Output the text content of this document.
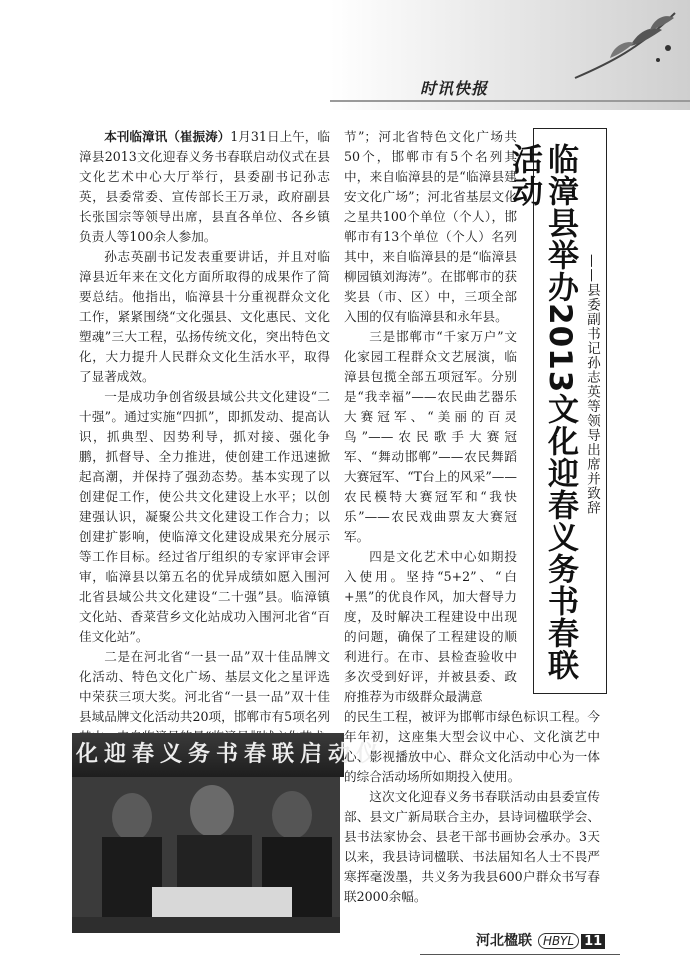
时讯快报

本刊临漳讯（崔振涛）1月31日上午，临漳县2013文化迎春义务书春联启动仪式在县文化艺术中心大厅举行，县委副书记孙志英，县委常委、宣传部长王万录，政府副县长张国宗等领导出席，县直各单位、各乡镇负责人等100余人参加。

孙志英副书记发表重要讲话，并且对临漳县近年来在文化方面所取得的成果作了简要总结。他指出，临漳县十分重视群众文化工作，紧紧围绕“文化强县、文化惠民、文化塑魂”三大工程，弘扬传统文化，突出特色文化，大力提升人民群众文化生活水平，取得了显著成效。

一是成功争创省级县域公共文化建设“二十强”。通过实施“四抓”，即抓发动、提高认识，抓典型、因势利导，抓对接、强化争鹏，抓督导、全力推进，使创建工作迅速掀起高潮，并保持了强劲态势。基本实现了以创建促工作，使公共文化建设上水平；以创建强认识，凝聚公共文化建设工作合力；以创建扩影响，使临漳文化建设成果充分展示等工作目标。经过省厅组织的专家评审会评审，临漳县以第五名的优异成绩如愿入围河北省县域公共文化建设“二十强”县。临漳镇文化站、香菜营乡文化站成功入围河北省“百佳文化站”。

二是在河北省“一县一品”双十佳品牌文化活动、特色文化广场、基层文化之星评选中荣获三项大奖。河北省“一县一品”双十佳县域品牌文化活动共20项，邯郸市有5项名列

节”；河北省特色文化广场共50个，邯郸市有5个名列其中，来自临漳县的是“临漳县建安文化广场”；河北省基层文化之星共100个单位（个人），邯郸市有13个单位（个人）名列其中，来自临漳县的是“临漳县柳园镇刘海涛”。在邯郸市的获奖县（市、区）中，三项全部入围的仅有临漳县和永年县。

三是邯郸市“千家万户”文化家园工程群众文艺展演，临漳县包揽全部五项冠军。分别是“我幸福”——农民曲艺器乐大赛冠军、“美丽的百灵鸟”——农民歌手大赛冠军、“舞动邯郸”——农民舞蹈大赛冠军、“T台上的风采”——农民模特大赛冠军和“我快乐”——农民戏曲票友大赛冠军。

四是文化艺术中心如期投入使用。坚持“5+2”、“白+黑”的优良作风，加大督导力度，及时解决工程建设中出现的问题，确保了工程建设的顺利进行。在市、县检查验收中多次受到好评，并被县委、政府推荐为市级群众最满意

临漳县举办2013文化迎春义务书春联活动
——县委副书记孙志英等领导出席并致辞
化迎春义务书春联启动仪

的民生工程，被评为邯郸市绿色标识工程。今年年初，这座集大型会议中心、文化演艺中心、影视播放中心、群众文化活动中心为一体的综合活动场所如期投入使用。

这次文化迎春义务书春联活动由县委宣传部、县文广新局联合主办，县诗词楹联学会、县书法家协会、县老干部书画协会承办。3天以来，我县诗词楹联、书法届知名人士不畏严寒挥毫泼墨，共义务为我县600户群众书写春联2000余幅。

河北楹联 HBYL 11
